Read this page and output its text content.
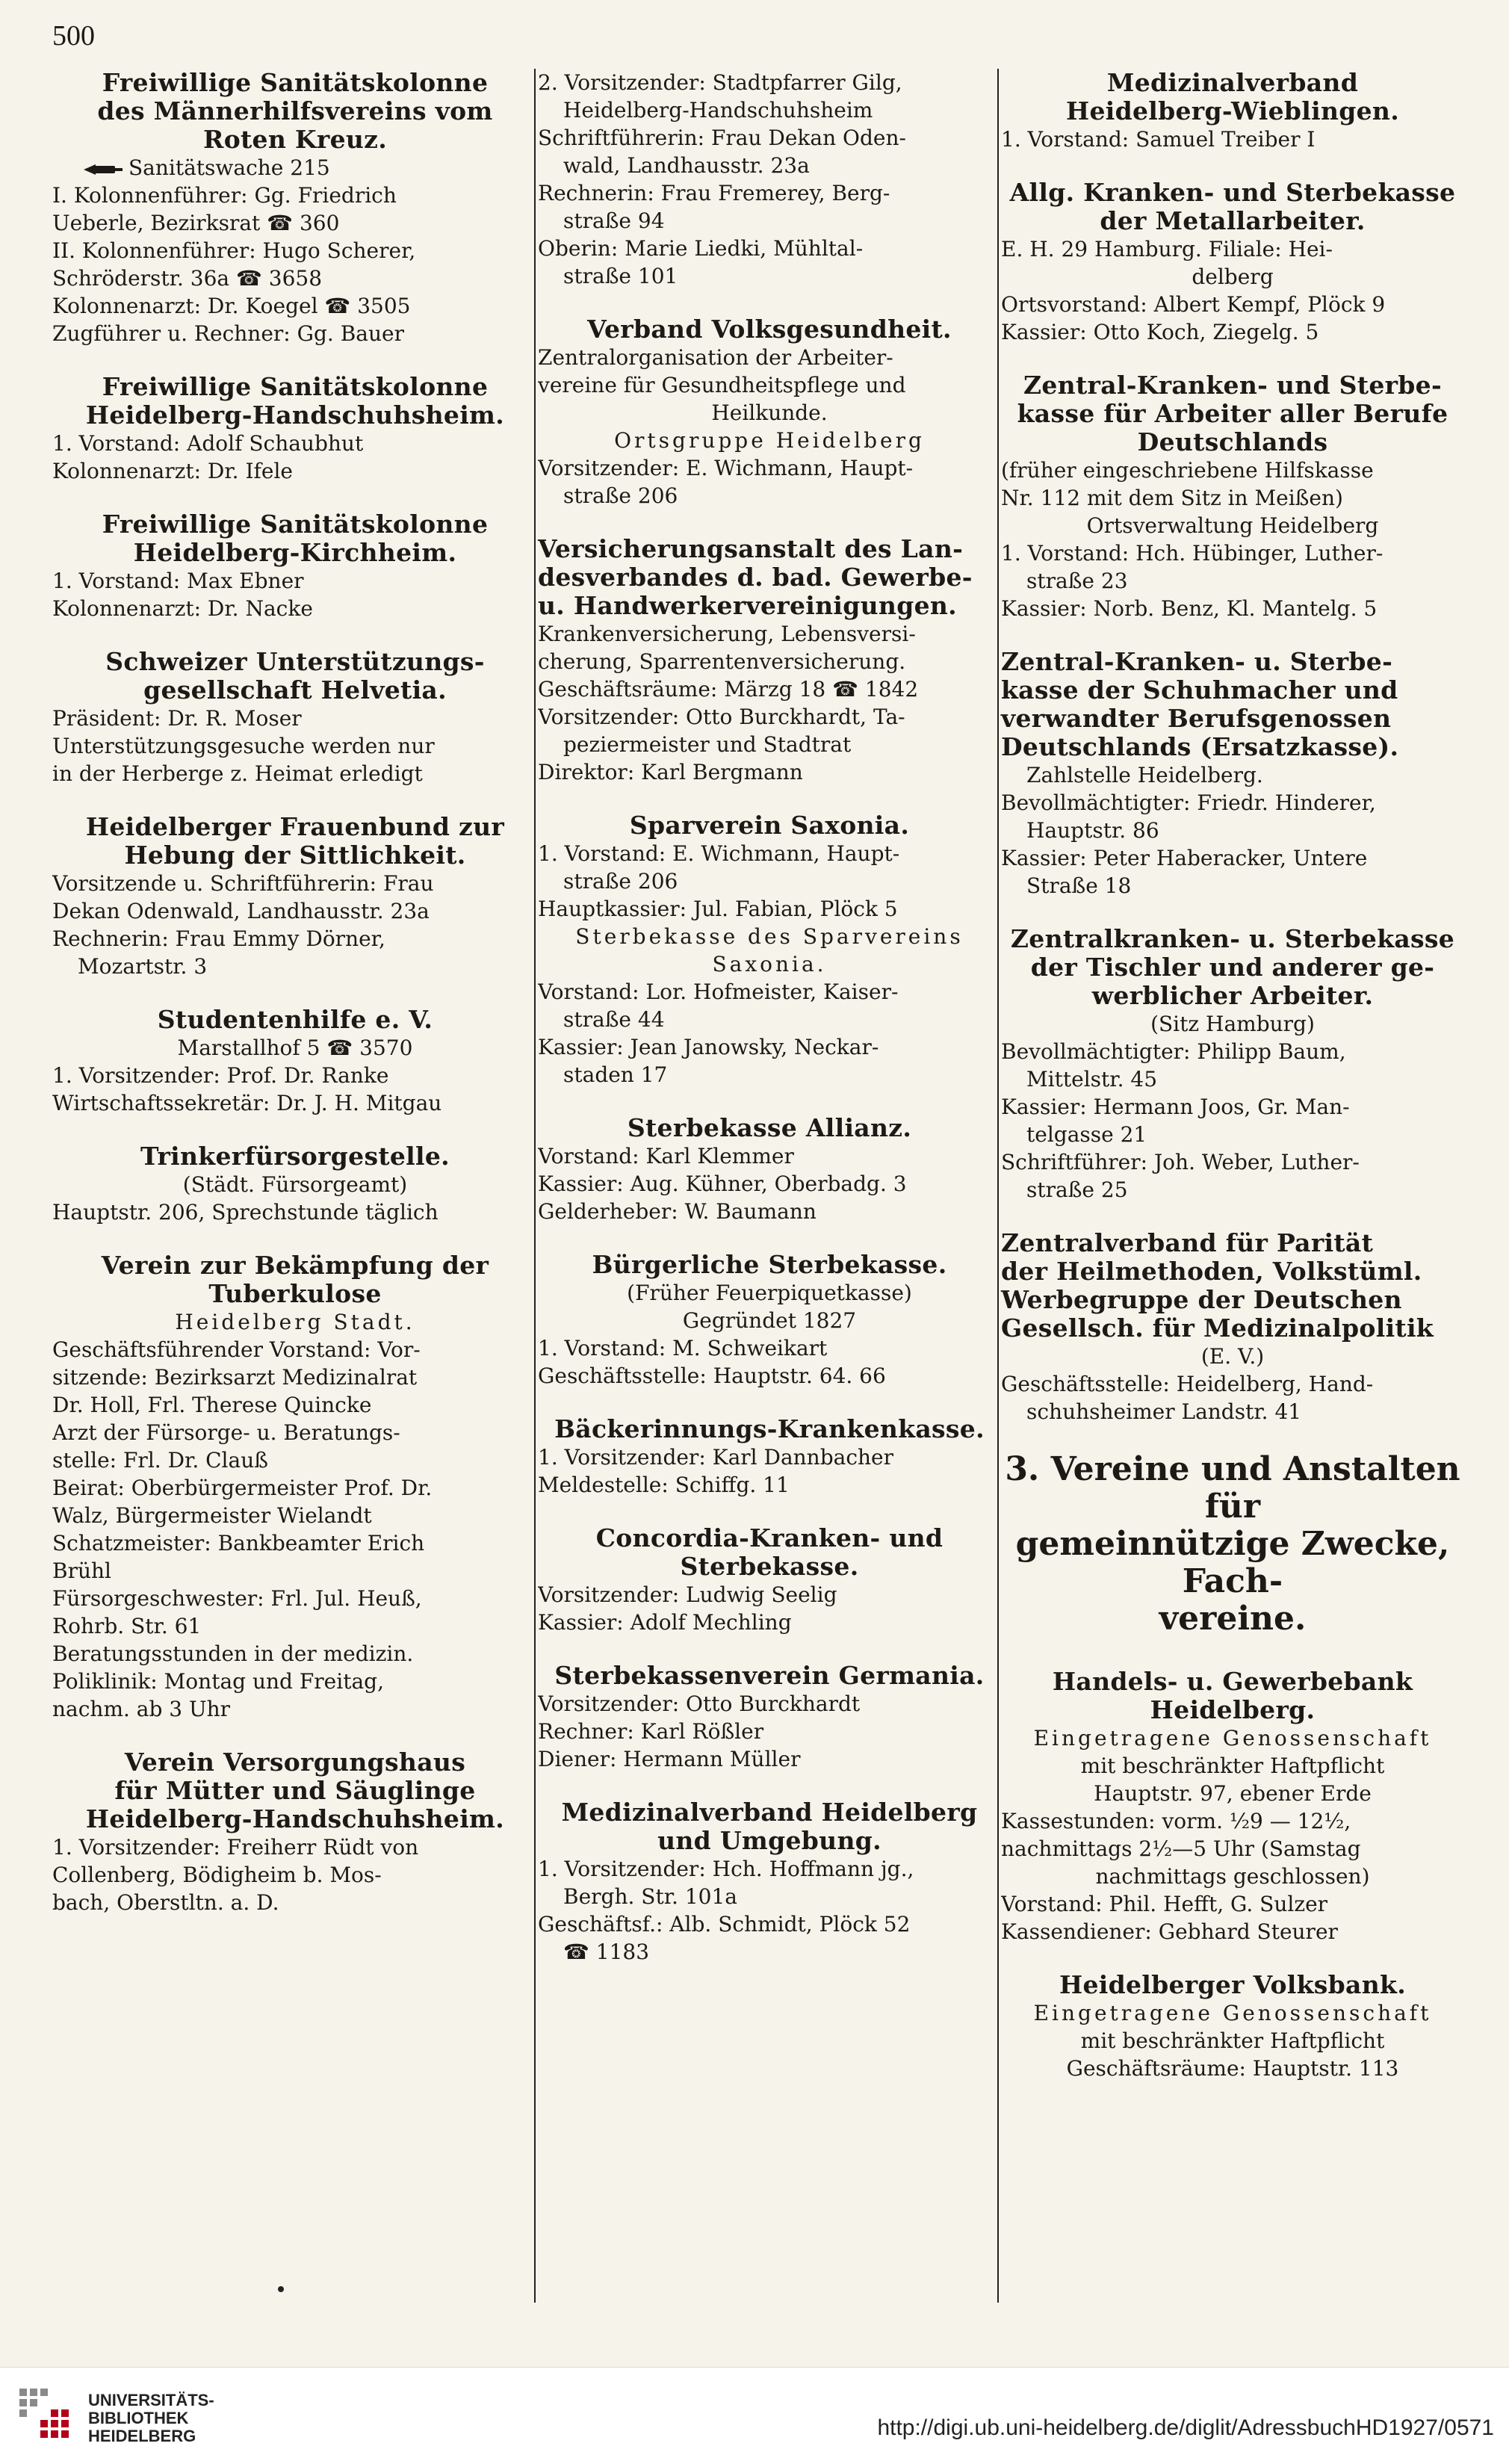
500
Freiwillige Sanitätskolonne
des Männerhilfsvereins vom
Roten Kreuz.
Sanitätswache 215
I. Kolonnenführer: Gg. Friedrich
Ueberle, Bezirksrat ☎ 360
II. Kolonnenführer: Hugo Scherer,
Schröderstr. 36a ☎ 3658
Kolonnenarzt: Dr. Koegel ☎ 3505
Zugführer u. Rechner: Gg. Bauer
Freiwillige Sanitätskolonne
Heidelberg-Handschuhsheim.
1. Vorstand: Adolf Schaubhut
Kolonnenarzt: Dr. Ifele
Freiwillige Sanitätskolonne
Heidelberg-Kirchheim.
1. Vorstand: Max Ebner
Kolonnenarzt: Dr. Nacke
Schweizer Unterstützungs-
gesellschaft Helvetia.
Präsident: Dr. R. Moser
Unterstützungsgesuche werden nur
in der Herberge z. Heimat erledigt
Heidelberger Frauenbund zur
Hebung der Sittlichkeit.
Vorsitzende u. Schriftführerin: Frau
Dekan Odenwald, Landhausstr. 23a
Rechnerin: Frau Emmy Dörner,
Mozartstr. 3
Studentenhilfe e. V.
Marstallhof 5 ☎ 3570
1. Vorsitzender: Prof. Dr. Ranke
Wirtschaftssekretär: Dr. J. H. Mitgau
Trinkerfürsorgestelle.
(Städt. Fürsorgeamt)
Hauptstr. 206, Sprechstunde täglich
Verein zur Bekämpfung der
Tuberkulose
Heidelberg Stadt.
Geschäftsführender Vorstand: Vor-
sitzende: Bezirksarzt Medizinalrat
Dr. Holl, Frl. Therese Quincke
Arzt der Fürsorge- u. Beratungs-
stelle: Frl. Dr. Clauß
Beirat: Oberbürgermeister Prof. Dr.
Walz, Bürgermeister Wielandt
Schatzmeister: Bankbeamter Erich
Brühl
Fürsorgeschwester: Frl. Jul. Heuß,
Rohrb. Str. 61
Beratungsstunden in der medizin.
Poliklinik: Montag und Freitag,
nachm. ab 3 Uhr
Verein Versorgungshaus
für Mütter und Säuglinge
Heidelberg-Handschuhsheim.
1. Vorsitzender: Freiherr Rüdt von
Collenberg, Bödigheim b. Mos-
bach, Oberstltn. a. D.
2. Vorsitzender: Stadtpfarrer Gilg,
Heidelberg-Handschuhsheim
Schriftführerin: Frau Dekan Oden-
wald, Landhausstr. 23a
Rechnerin: Frau Fremerey, Berg-
straße 94
Oberin: Marie Liedki, Mühltal-
straße 101
Verband Volksgesundheit.
Zentralorganisation der Arbeiter-
vereine für Gesundheitspflege und
Heilkunde.
Ortsgruppe Heidelberg
Vorsitzender: E. Wichmann, Haupt-
straße 206
Versicherungsanstalt des Lan-
desverbandes d. bad. Gewerbe-
u. Handwerkervereinigungen.
Krankenversicherung, Lebensversi-
cherung, Sparrentenversicherung.
Geschäftsräume: Märzg 18 ☎ 1842
Vorsitzender: Otto Burckhardt, Ta-
peziermeister und Stadtrat
Direktor: Karl Bergmann
Sparverein Saxonia.
1. Vorstand: E. Wichmann, Haupt-
straße 206
Hauptkassier: Jul. Fabian, Plöck 5
Sterbekasse des Sparvereins
Saxonia.
Vorstand: Lor. Hofmeister, Kaiser-
straße 44
Kassier: Jean Janowsky, Neckar-
staden 17
Sterbekasse Allianz.
Vorstand: Karl Klemmer
Kassier: Aug. Kühner, Oberbadg. 3
Gelderheber: W. Baumann
Bürgerliche Sterbekasse.
(Früher Feuerpiquetkasse)
Gegründet 1827
1. Vorstand: M. Schweikart
Geschäftsstelle: Hauptstr. 64. 66
Bäckerinnungs-Krankenkasse.
1. Vorsitzender: Karl Dannbacher
Meldestelle: Schiffg. 11
Concordia-Kranken- und
Sterbekasse.
Vorsitzender: Ludwig Seelig
Kassier: Adolf Mechling
Sterbekassenverein Germania.
Vorsitzender: Otto Burckhardt
Rechner: Karl Rößler
Diener: Hermann Müller
Medizinalverband Heidelberg
und Umgebung.
1. Vorsitzender: Hch. Hoffmann jg.,
Bergh. Str. 101a
Geschäftsf.: Alb. Schmidt, Plöck 52
☎ 1183
Medizinalverband
Heidelberg-Wieblingen.
1. Vorstand: Samuel Treiber I
Allg. Kranken- und Sterbekasse
der Metallarbeiter.
E. H. 29 Hamburg. Filiale: Hei-
delberg
Ortsvorstand: Albert Kempf, Plöck 9
Kassier: Otto Koch, Ziegelg. 5
Zentral-Kranken- und Sterbe-
kasse für Arbeiter aller Berufe
Deutschlands
(früher eingeschriebene Hilfskasse
Nr. 112 mit dem Sitz in Meißen)
Ortsverwaltung Heidelberg
1. Vorstand: Hch. Hübinger, Luther-
straße 23
Kassier: Norb. Benz, Kl. Mantelg. 5
Zentral-Kranken- u. Sterbe-
kasse der Schuhmacher und
verwandter Berufsgenossen
Deutschlands (Ersatzkasse).
Zahlstelle Heidelberg.
Bevollmächtigter: Friedr. Hinderer,
Hauptstr. 86
Kassier: Peter Haberacker, Untere
Straße 18
Zentralkranken- u. Sterbekasse
der Tischler und anderer ge-
werblicher Arbeiter.
(Sitz Hamburg)
Bevollmächtigter: Philipp Baum,
Mittelstr. 45
Kassier: Hermann Joos, Gr. Man-
telgasse 21
Schriftführer: Joh. Weber, Luther-
straße 25
Zentralverband für Parität
der Heilmethoden, Volkstüml.
Werbegruppe der Deutschen
Gesellsch. für Medizinalpolitik
(E. V.)
Geschäftsstelle: Heidelberg, Hand-
schuhsheimer Landstr. 41
3. Vereine und Anstalten für
gemeinnützige Zwecke, Fach-
vereine.
Handels- u. Gewerbebank
Heidelberg.
Eingetragene Genossenschaft
mit beschränkter Haftpflicht
Hauptstr. 97, ebener Erde
Kassestunden: vorm. ½9 — 12½,
nachmittags 2½—5 Uhr (Samstag
nachmittags geschlossen)
Vorstand: Phil. Hefft, G. Sulzer
Kassendiener: Gebhard Steurer
Heidelberger Volksbank.
Eingetragene Genossenschaft
mit beschränkter Haftpflicht
Geschäftsräume: Hauptstr. 113
UNIVERSITÄTS-
BIBLIOTHEK
HEIDELBERG	http://digi.ub.uni-heidelberg.de/diglit/AdressbuchHD1927/0571
